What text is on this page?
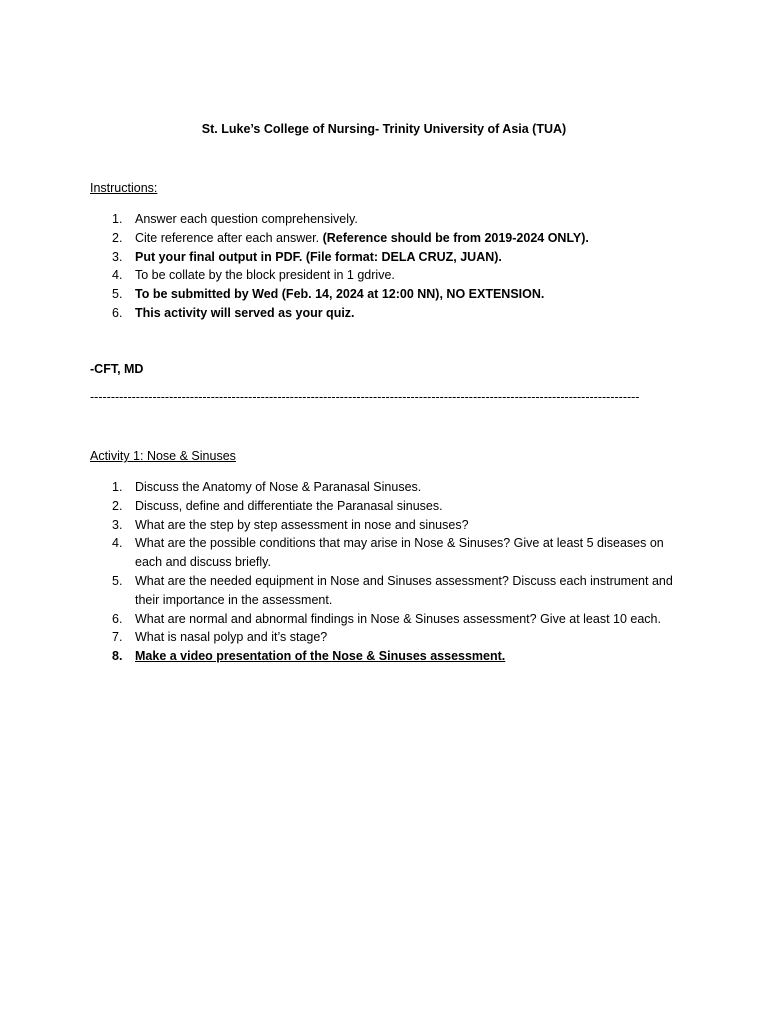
St. Luke’s College of Nursing- Trinity University of Asia (TUA)
Instructions:
1. Answer each question comprehensively.
2. Cite reference after each answer. (Reference should be from 2019-2024 ONLY).
3. Put your final output in PDF. (File format: DELA CRUZ, JUAN).
4. To be collate by the block president in 1 gdrive.
5. To be submitted by Wed (Feb. 14, 2024 at 12:00 NN), NO EXTENSION.
6. This activity will served as your quiz.
-CFT, MD
------------------------------------------------------------------------------------------------------------------------------------
Activity 1: Nose & Sinuses
1. Discuss the Anatomy of Nose & Paranasal Sinuses.
2. Discuss, define and differentiate the Paranasal sinuses.
3. What are the step by step assessment in nose and sinuses?
4. What are the possible conditions that may arise in Nose & Sinuses? Give at least 5 diseases on each and discuss briefly.
5. What are the needed equipment in Nose and Sinuses assessment? Discuss each instrument and their importance in the assessment.
6. What are normal and abnormal findings in Nose & Sinuses assessment? Give at least 10 each.
7. What is nasal polyp and it’s stage?
8. Make a video presentation of the Nose & Sinuses assessment.
